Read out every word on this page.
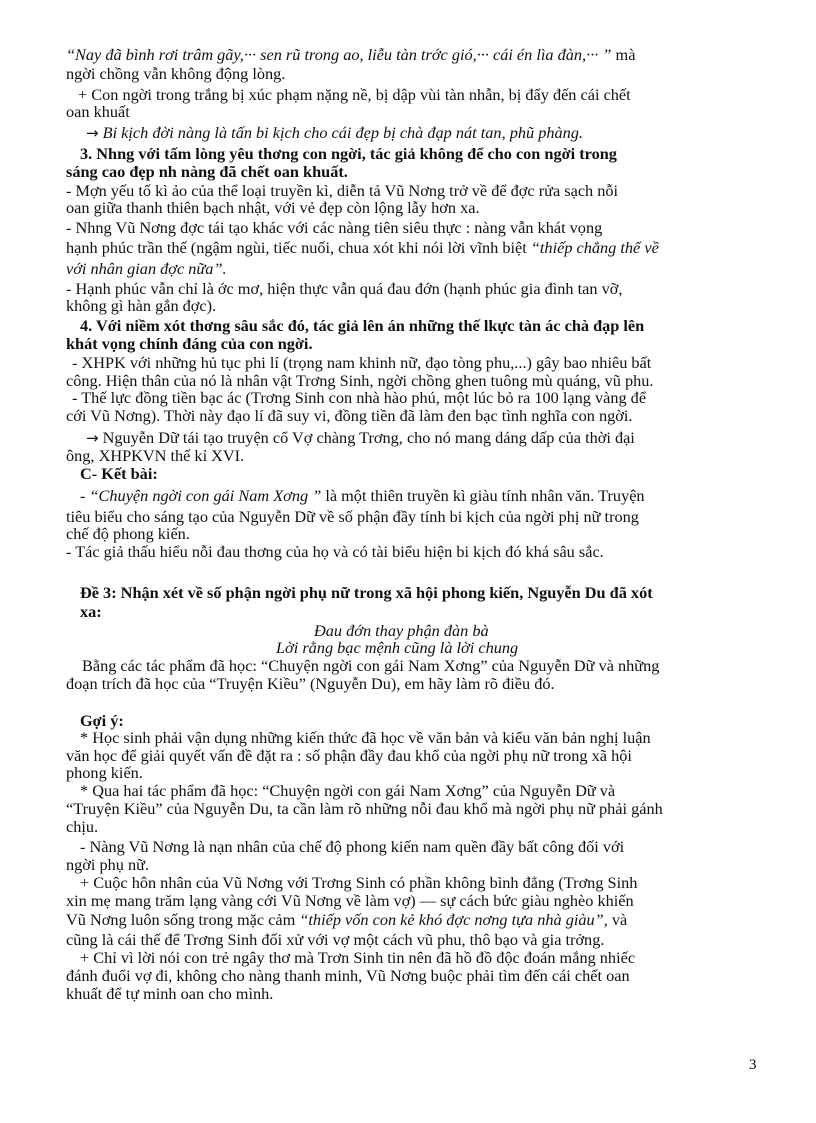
“Nay đã bình rơi trâm gãy,··· sen rũ trong ao, liễu tàn trớc gió,··· cái én lìa đàn,··· ” mà
ngời chồng vẫn không động lòng.
+ Con ngời trong trắng bị xúc phạm nặng nề, bị dập vùi tàn nhẫn, bị đẩy đến cái chết
oan khuất
→ Bi kịch đời nàng là tấn bi kịch cho cái đẹp bị chà đạp nát tan, phũ phàng.
3. Nhng với tấm lòng yêu thơng con ngời, tác giả không để cho con ngời trong
sáng cao đẹp nh nàng đã chết oan khuất.
- Mợn yếu tố kì ảo của thể loại truyền kì, diễn tả Vũ Nơng trở về để đợc rửa sạch nỗi
oan giữa thanh thiên bạch nhật, với vẻ đẹp còn lộng lẫy hơn xa.
- Nhng Vũ Nơng đợc tái tạo khác với các nàng tiên siêu thực : nàng vẫn khát vọng
hạnh phúc trần thế (ngậm ngùi, tiếc nuối, chua xót khi nói lời vĩnh biệt “thiếp chẳng thể về
với nhân gian đợc nữa”.
- Hạnh phúc vẫn chỉ là ớc mơ, hiện thực vẫn quá đau đớn (hạnh phúc gia đình tan vỡ,
không gì hàn gắn đợc).
4. Với niềm xót thơng sâu sắc đó, tác giả lên án những thế lkực tàn ác chà đạp lên
khát vọng chính đáng của con ngời.
- XHPK với những hủ tục phi lí (trọng nam khinh nữ, đạo tòng phu,...) gây bao nhiêu bất
công. Hiện thân của nó là nhân vật Trơng Sinh, ngời chồng ghen tuông mù quáng, vũ phu.
- Thế lực đồng tiền bạc ác (Trơng Sinh con nhà hào phú, một lúc bỏ ra 100 lạng vàng để
cới Vũ Nơng). Thời này đạo lí đã suy vi, đồng tiền đã làm đen bạc tình nghĩa con ngời.
→ Nguyễn Dữ tái tạo truyện cổ Vợ chàng Trơng, cho nó mang dáng dấp của thời đại
ông, XHPKVN thế kỉ XVI.
C- Kết bài:
- “Chuyện ngời con gái Nam Xơng ” là một thiên truyền kì giàu tính nhân văn. Truyện
tiêu biểu cho sáng tạo của Nguyễn Dữ về số phận đầy tính bi kịch của ngời phị nữ trong
chế độ phong kiến.
- Tác giả thấu hiểu nỗi đau thơng của họ và có tài biểu hiện bi kịch đó khá sâu sắc.
Đề 3: Nhận xét về số phận ngời phụ nữ trong xã hội phong kiến, Nguyễn Du đã xót
xa:
Đau đớn thay phận đàn bà
Lời rằng bạc mệnh cũng là lời chung
Bằng các tác phẩm đã học: “Chuyện ngời con gái Nam Xơng” của Nguyễn Dữ và những
đoạn trích đã học của “Truyện Kiều” (Nguyễn Du), em hãy làm rõ điều đó.
Gợi ý:
* Học sinh phải vận dụng những kiến thức đã học về văn bản và kiểu văn bản nghị luận
văn học để giải quyết vấn đề đặt ra : số phận đầy đau khổ của ngời phụ nữ trong xã hội
phong kiến.
* Qua hai tác phẩm đã học: “Chuyện ngời con gái Nam Xơng” của Nguyễn Dữ và
“Truyện Kiều” của Nguyễn Du, ta cần làm rõ những nỗi đau khổ mà ngời phụ nữ phải gánh
chịu.
- Nàng Vũ Nơng là nạn nhân của chế độ phong kiến nam quền đầy bất công đối với
ngời phụ nữ.
+ Cuộc hôn nhân của Vũ Nơng với Trơng Sinh có phần không bình đẳng (Trơng Sinh
xin mẹ mang trăm lạng vàng cới Vũ Nơng về làm vợ) — sự cách bức giàu nghèo khiến
Vũ Nơng luôn sống trong mặc cảm “thiếp vốn con kẻ khó đợc nơng tựa nhà giàu”, và
cũng là cái thế để Trơng Sinh đối xử với vợ một cách vũ phu, thô bạo và gia trởng.
+ Chỉ vì lời nói con trẻ ngây thơ mà Trơn Sinh tin nên đã hồ đồ độc đoán mắng nhiếc
đánh đuổi vợ đi, không cho nàng thanh minh, Vũ Nơng buộc phải tìm đến cái chết oan
khuất để tự minh oan cho mình.
3
